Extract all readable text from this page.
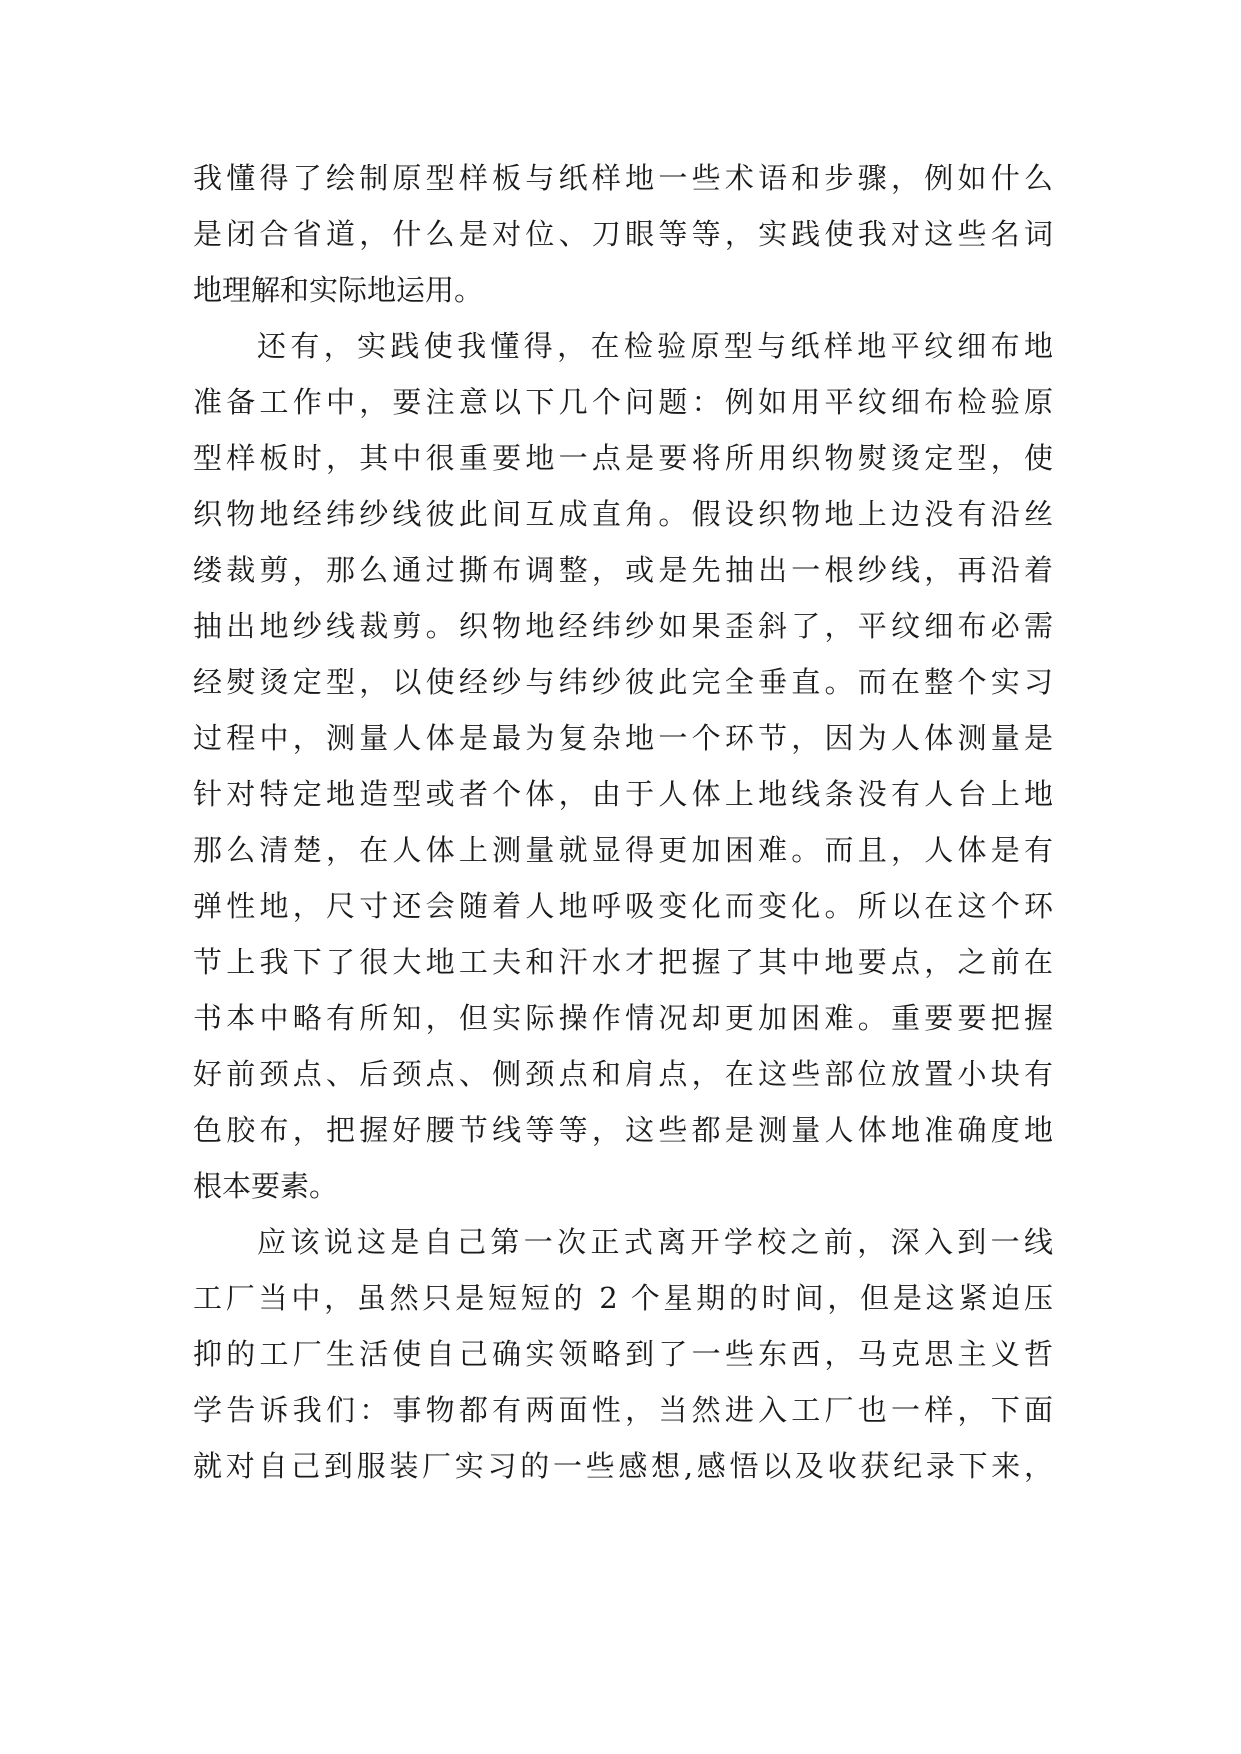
我懂得了绘制原型样板与纸样地一些术语和步骤，例如什么
是闭合省道，什么是对位、刀眼等等，实践使我对这些名词
地理解和实际地运用。

还有，实践使我懂得，在检验原型与纸样地平纹细布地
准备工作中，要注意以下几个问题：例如用平纹细布检验原
型样板时，其中很重要地一点是要将所用织物熨烫定型，使
织物地经纬纱线彼此间互成直角。假设织物地上边没有沿丝
缕裁剪，那么通过撕布调整，或是先抽出一根纱线，再沿着
抽出地纱线裁剪。织物地经纬纱如果歪斜了，平纹细布必需
经熨烫定型，以使经纱与纬纱彼此完全垂直。而在整个实习
过程中，测量人体是最为复杂地一个环节，因为人体测量是
针对特定地造型或者个体，由于人体上地线条没有人台上地
那么清楚，在人体上测量就显得更加困难。而且，人体是有
弹性地，尺寸还会随着人地呼吸变化而变化。所以在这个环
节上我下了很大地工夫和汗水才把握了其中地要点，之前在
书本中略有所知，但实际操作情况却更加困难。重要要把握
好前颈点、后颈点、侧颈点和肩点，在这些部位放置小块有
色胶布，把握好腰节线等等，这些都是测量人体地准确度地
根本要素。

应该说这是自己第一次正式离开学校之前，深入到一线
工厂当中，虽然只是短短的 2 个星期的时间，但是这紧迫压
抑的工厂生活使自己确实领略到了一些东西，马克思主义哲
学告诉我们：事物都有两面性，当然进入工厂也一样，下面
就对自己到服装厂实习的一些感想,感悟以及收获纪录下来，
